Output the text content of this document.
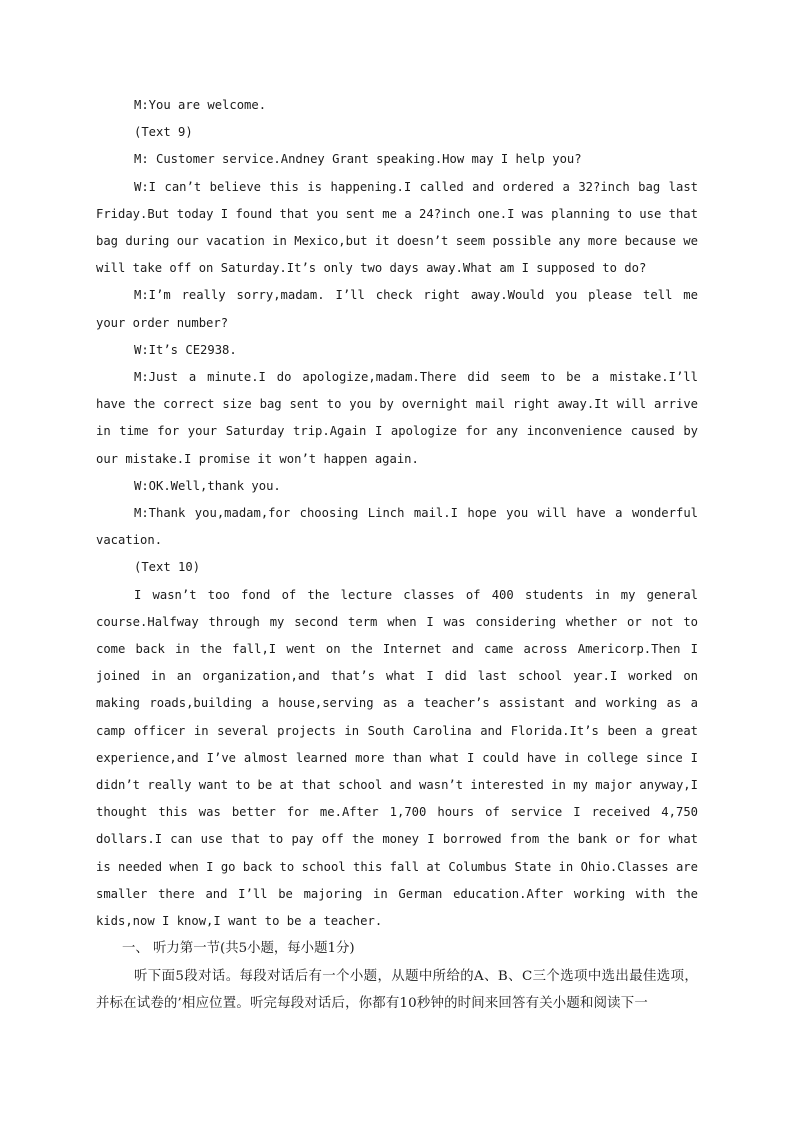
M:You are welcome.

(Text 9)

M: Customer service.Andney Grant speaking.How may I help you?

W:I can’t believe this is happening.I called and ordered a 32?inch bag last Friday.But today I found that you sent me a 24?inch one.I was planning to use that bag during our vacation in Mexico,but it doesn’t seem possible any more because we will take off on Saturday.It’s only two days away.What am I supposed to do?

M:I’m really sorry,madam. I’ll check right away.Would you please tell me your order number?

W:It’s CE2938.

M:Just a minute.I do apologize,madam.There did seem to be a mistake.I’ll have the correct size bag sent to you by overnight mail right away.It will arrive in time for your Saturday trip.Again I apologize for any inconvenience caused by our mistake.I promise it won’t happen again.

W:OK.Well,thank you.

M:Thank you,madam,for choosing Linch mail.I hope you will have a wonderful vacation.

(Text 10)

I wasn’t too fond of the lecture classes of 400 students in my general course.Halfway through my second term when I was considering whether or not to come back in the fall,I went on the Internet and came across Americorp.Then I joined in an organization,and that’s what I did last school year.I worked on making roads,building a house,serving as a teacher’s assistant and working as a camp officer in several projects in South Carolina and Florida.It’s been a great experience,and I’ve almost learned more than what I could have in college since I didn’t really want to be at that school and wasn’t interested in my major anyway,I thought this was better for me.After 1,700 hours of service I received 4,750 dollars.I can use that to pay off the money I borrowed from the bank or for what is needed when I go back to school this fall at Columbus State in Ohio.Classes are smaller there and I’ll be majoring in German education.After working with the kids,now I know,I want to be a teacher.

一、 听力第一节(共5小题，每小题1分)

听下面5段对话。每段对话后有一个小题，从题中所给的A、B、C三个选项中选出最佳选项，并标在试卷的’相应位置。听完每段对话后，你都有10秒钟的时间来回答有关小题和阅读下一
